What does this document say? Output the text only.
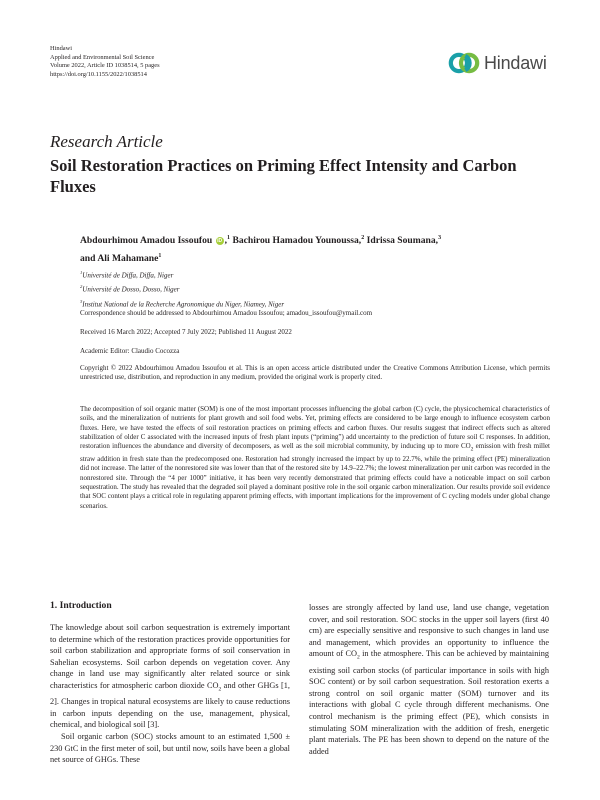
Hindawi
Applied and Environmental Soil Science
Volume 2022, Article ID 1038514, 5 pages
https://doi.org/10.1155/2022/1038514
Hindawi
Research Article
Soil Restoration Practices on Priming Effect Intensity and Carbon Fluxes
Abdourhimou Amadou Issoufou iD ,$^1$ Bachirou Hamadou Younoussa,$^2$ Idrissa Soumana,$^3$
and Ali Mahamane$^1$
$^1$Université de Diffa, Diffa, Niger
$^2$Université de Dosso, Dosso, Niger
$^3$Institut National de la Recherche Agronomique du Niger, Niamey, Niger
Correspondence should be addressed to Abdourhimou Amadou Issoufou; amadou_issoufou@ymail.com
Received 16 March 2022; Accepted 7 July 2022; Published 11 August 2022
Academic Editor: Claudio Cocozza
Copyright © 2022 Abdourhimou Amadou Issoufou et al. This is an open access article distributed under the Creative Commons Attribution License, which permits unrestricted use, distribution, and reproduction in any medium, provided the original work is properly cited.
The decomposition of soil organic matter (SOM) is one of the most important processes influencing the global carbon (C) cycle, the physicochemical characteristics of soils, and the mineralization of nutrients for plant growth and soil food webs. Yet, priming effects are considered to be large enough to influence ecosystem carbon fluxes. Here, we have tested the effects of soil restoration practices on priming effects and carbon fluxes. Our results suggest that indirect effects such as altered stabilization of older C associated with the increased inputs of fresh plant inputs (“priming”) add uncertainty to the prediction of future soil C responses. In addition, restoration influences the abundance and diversity of decomposers, as well as the soil microbial community, by inducing up to more $CO_2$ emission with fresh millet straw addition in fresh state than the predecomposed one. Restoration had strongly increased the impact by up to 22.7%, while the priming effect (PE) mineralization did not increase. The latter of the nonrestored site was lower than that of the restored site by 14.9–22.7%; the lowest mineralization per unit carbon was recorded in the nonrestored site. Through the “4 per 1000” initiative, it has been very recently demonstrated that priming effects could have a noticeable impact on soil carbon sequestration. The study has revealed that the degraded soil played a dominant positive role in the soil organic carbon mineralization. Our results provide soil evidence that SOC content plays a critical role in regulating apparent priming effects, with important implications for the improvement of C cycling models under global change scenarios.
1. Introduction

The knowledge about soil carbon sequestration is extremely important to determine which of the restoration practices provide opportunities for soil carbon stabilization and appropriate forms of soil conservation in Sahelian ecosystems. Soil carbon depends on vegetation cover. Any change in land use may significantly alter related source or sink characteristics for atmospheric carbon dioxide $CO_2$ and other GHGs [1, 2]. Changes in tropical natural ecosystems are likely to cause reductions in carbon inputs depending on the use, management, physical, chemical, and biological soil [3].

Soil organic carbon (SOC) stocks amount to an estimated 1,500 ± 230 GtC in the first meter of soil, but until now, soils have been a global net source of GHGs. These

losses are strongly affected by land use, land use change, vegetation cover, and soil restoration. SOC stocks in the upper soil layers (first 40 cm) are especially sensitive and responsive to such changes in land use and management, which provides an opportunity to influence the amount of $CO_2$ in the atmosphere. This can be achieved by maintaining existing soil carbon stocks (of particular importance in soils with high SOC content) or by soil carbon sequestration. Soil restoration exerts a strong control on soil organic matter (SOM) turnover and its interactions with global C cycle through different mechanisms. One control mechanism is the priming effect (PE), which consists in stimulating SOM mineralization with the addition of fresh, energetic plant materials. The PE has been shown to depend on the nature of the added
